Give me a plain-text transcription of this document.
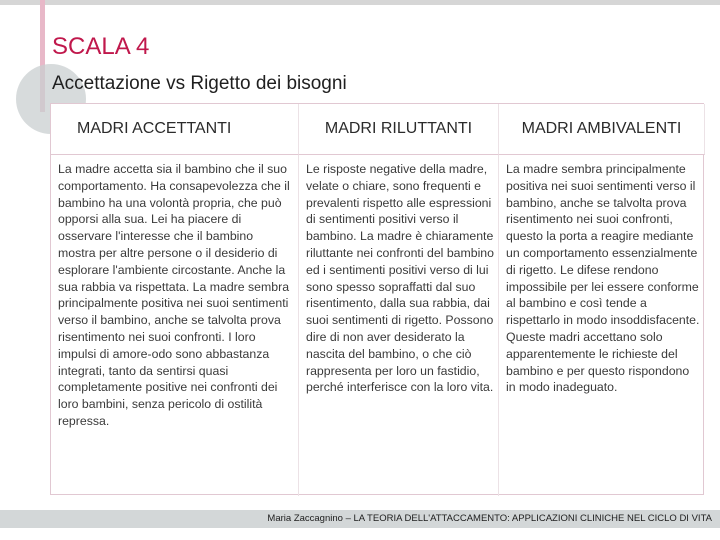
SCALA 4
Accettazione vs Rigetto dei bisogni
MADRI ACCETTANTI	MADRI RILUTTANTI	MADRI AMBIVALENTI

La madre accetta sia il bambino che il suo comportamento. Ha consapevolezza che il bambino ha una volontà propria, che può opporsi alla sua. Lei ha piacere di osservare l'interesse che il bambino mostra per altre persone o il desiderio di esplorare l'ambiente circostante. Anche la sua rabbia va rispettata. La madre sembra principalmente positiva nei suoi sentimenti verso il bambino, anche se talvolta prova risentimento nei suoi confronti. I loro impulsi di amore-odo sono abbastanza integrati, tanto da sentirsi quasi completamente positive nei confronti dei loro bambini, senza pericolo di ostilità repressa.

Le risposte negative della madre, velate o chiare, sono frequenti e prevalenti rispetto alle espressioni di sentimenti positivi verso il bambino. La madre è chiaramente riluttante nei confronti del bambino ed i sentimenti positivi verso di lui sono spesso sopraffatti dal suo risentimento, dalla sua rabbia, dai suoi sentimenti di rigetto. Possono dire di non aver desiderato la nascita del bambino, o che ciò rappresenta per loro un fastidio, perché interferisce con la loro vita.

La madre sembra principalmente positiva nei suoi sentimenti verso il bambino, anche se talvolta prova risentimento nei suoi confronti, questo la porta a reagire mediante un comportamento essenzialmente di rigetto. Le difese rendono impossibile per lei essere conforme al bambino e così tende a rispettarlo in modo insoddisfacente. Queste madri accettano solo apparentemente le richieste del bambino e per questo rispondono in modo inadeguato.

Maria Zaccagnino – LA TEORIA DELL'ATTACCAMENTO: APPLICAZIONI CLINICHE NEL CICLO DI VITA
